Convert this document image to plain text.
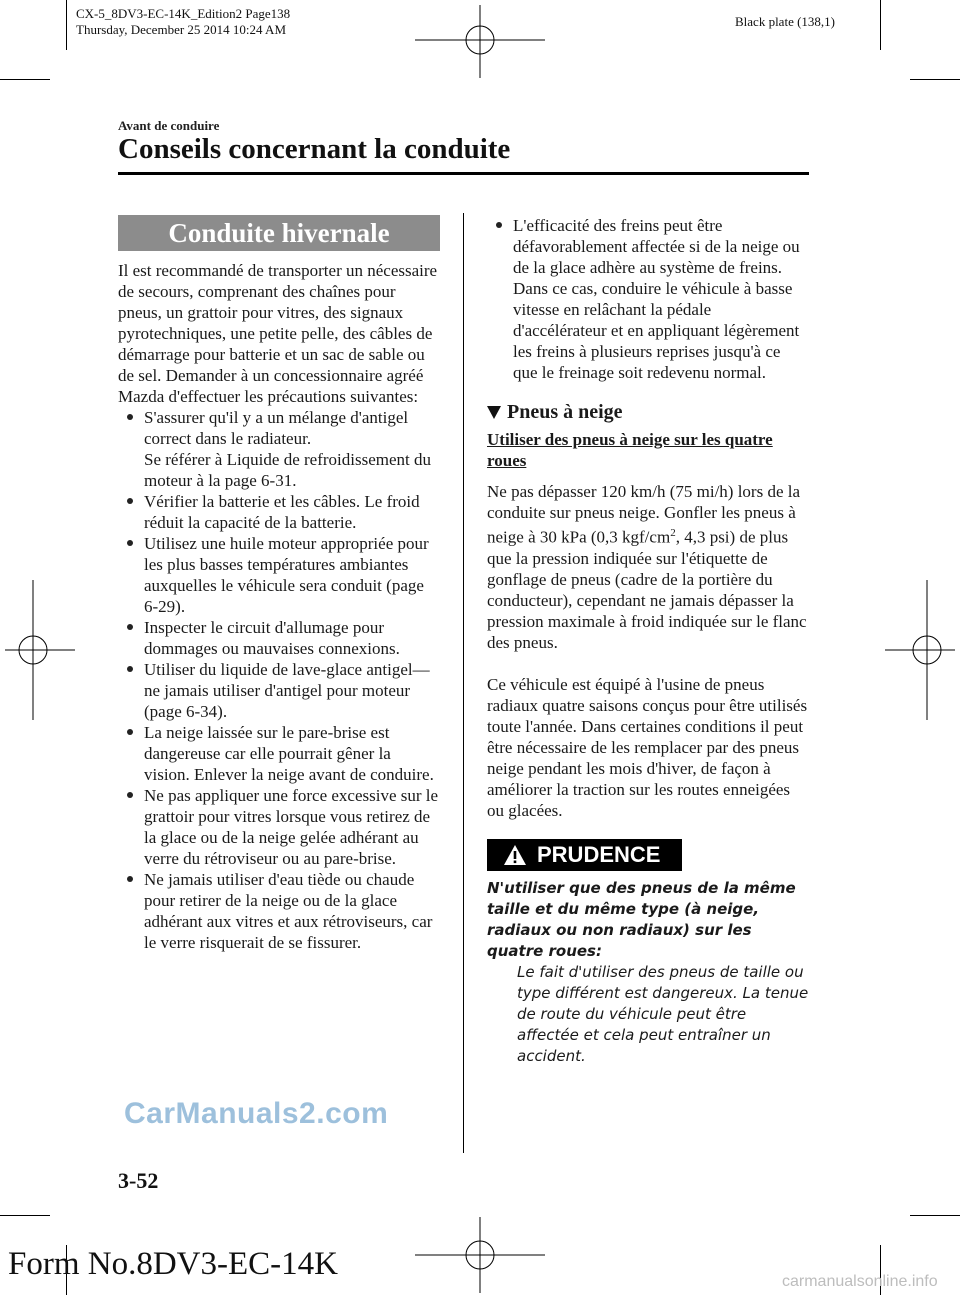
CX-5_8DV3-EC-14K_Edition2 Page138
Thursday, December 25 2014 10:24 AM
Black plate (138,1)
Avant de conduire
Conseils concernant la conduite
Conduite hivernale

Il est recommandé de transporter un nécessaire de secours, comprenant des chaînes pour pneus, un grattoir pour vitres, des signaux pyrotechniques, une petite pelle, des câbles de démarrage pour batterie et un sac de sable ou de sel. Demander à un concessionnaire agréé Mazda d'effectuer les précautions suivantes:

S'assurer qu'il y a un mélange d'antigel correct dans le radiateur.
Se référer à Liquide de refroidissement du moteur à la page 6-31.
Vérifier la batterie et les câbles. Le froid réduit la capacité de la batterie.
Utilisez une huile moteur appropriée pour les plus basses températures ambiantes auxquelles le véhicule sera conduit (page 6-29).
Inspecter le circuit d'allumage pour dommages ou mauvaises connexions.
Utiliser du liquide de lave-glace antigel—ne jamais utiliser d'antigel pour moteur (page 6-34).
La neige laissée sur le pare-brise est dangereuse car elle pourrait gêner la vision. Enlever la neige avant de conduire.
Ne pas appliquer une force excessive sur le grattoir pour vitres lorsque vous retirez de la glace ou de la neige gelée adhérant au verre du rétroviseur ou au pare-brise.
Ne jamais utiliser d'eau tiède ou chaude pour retirer de la neige ou de la glace adhérant aux vitres et aux rétroviseurs, car le verre risquerait de se fissurer.
L'efficacité des freins peut être défavorablement affectée si de la neige ou de la glace adhère au système de freins. Dans ce cas, conduire le véhicule à basse vitesse en relâchant la pédale d'accélérateur et en appliquant légèrement les freins à plusieurs reprises jusqu'à ce que le freinage soit redevenu normal.
Pneus à neige

Utiliser des pneus à neige sur les quatre roues

Ne pas dépasser 120 km/h (75 mi/h) lors de la conduite sur pneus neige. Gonfler les pneus à neige à 30 kPa (0,3 kgf/$cm^2$, 4,3 psi) de plus que la pression indiquée sur l'étiquette de gonflage de pneus (cadre de la portière du conducteur), cependant ne jamais dépasser la pression maximale à froid indiquée sur le flanc des pneus.

Ce véhicule est équipé à l'usine de pneus radiaux quatre saisons conçus pour être utilisés toute l'année. Dans certaines conditions il peut être nécessaire de les remplacer par des pneus neige pendant les mois d'hiver, de façon à améliorer la traction sur les routes enneigées ou glacées.

PRUDENCE
N'utiliser que des pneus de la même taille et du même type (à neige, radiaux ou non radiaux) sur les quatre roues:
Le fait d'utiliser des pneus de taille ou type différent est dangereux. La tenue de route du véhicule peut être affectée et cela peut entraîner un accident.
CarManuals2.com
3-52
Form No.8DV3-EC-14K	carmanualsonline.info
